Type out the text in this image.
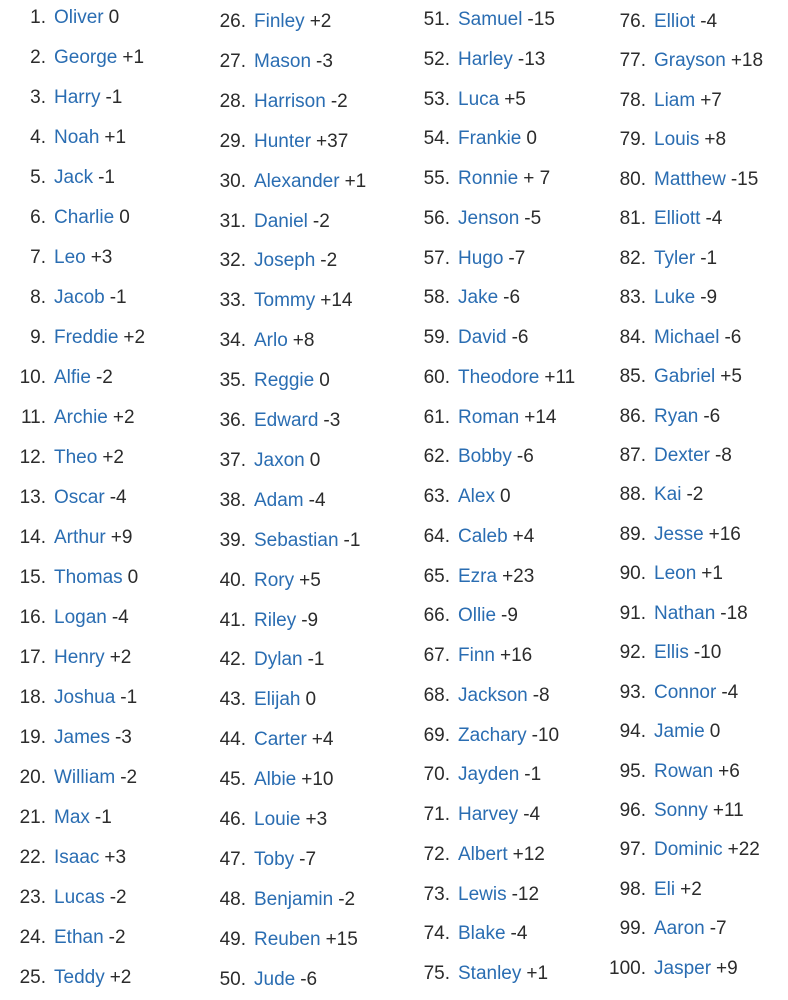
1. Oliver 0
2. George +1
3. Harry -1
4. Noah +1
5. Jack -1
6. Charlie 0
7. Leo +3
8. Jacob -1
9. Freddie +2
10. Alfie -2
11. Archie +2
12. Theo +2
13. Oscar -4
14. Arthur +9
15. Thomas 0
16. Logan -4
17. Henry +2
18. Joshua -1
19. James -3
20. William -2
21. Max -1
22. Isaac +3
23. Lucas -2
24. Ethan -2
25. Teddy +2
26. Finley +2
27. Mason -3
28. Harrison -2
29. Hunter +37
30. Alexander +1
31. Daniel -2
32. Joseph -2
33. Tommy +14
34. Arlo +8
35. Reggie 0
36. Edward -3
37. Jaxon 0
38. Adam -4
39. Sebastian -1
40. Rory +5
41. Riley -9
42. Dylan -1
43. Elijah 0
44. Carter +4
45. Albie +10
46. Louie +3
47. Toby -7
48. Benjamin -2
49. Reuben +15
50. Jude -6
51. Samuel -15
52. Harley -13
53. Luca +5
54. Frankie 0
55. Ronnie + 7
56. Jenson -5
57. Hugo -7
58. Jake -6
59. David -6
60. Theodore +11
61. Roman +14
62. Bobby -6
63. Alex 0
64. Caleb +4
65. Ezra +23
66. Ollie -9
67. Finn +16
68. Jackson -8
69. Zachary -10
70. Jayden -1
71. Harvey -4
72. Albert +12
73. Lewis -12
74. Blake -4
75. Stanley +1
76. Elliot -4
77. Grayson +18
78. Liam +7
79. Louis +8
80. Matthew -15
81. Elliott -4
82. Tyler -1
83. Luke -9
84. Michael -6
85. Gabriel +5
86. Ryan -6
87. Dexter -8
88. Kai -2
89. Jesse +16
90. Leon +1
91. Nathan -18
92. Ellis -10
93. Connor -4
94. Jamie 0
95. Rowan +6
96. Sonny +11
97. Dominic +22
98. Eli +2
99. Aaron -7
100. Jasper +9
